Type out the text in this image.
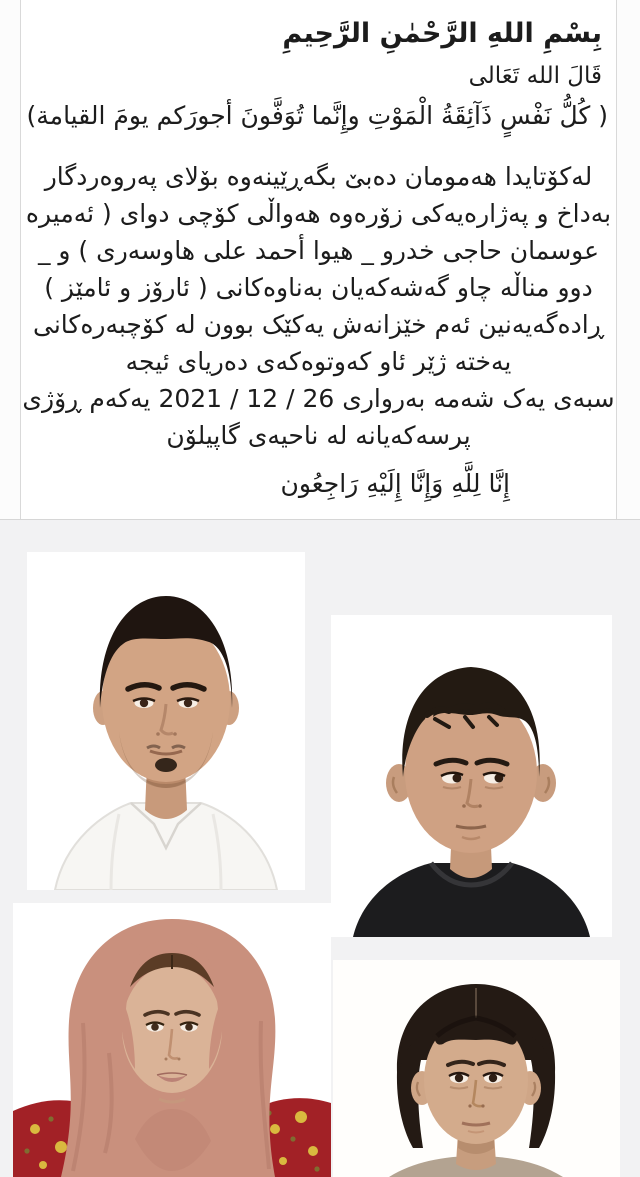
بِسْمِ اللهِ الرَّحْمٰنِ الرَّحِيمِ
قَالَ الله تَعَالى
( كُلُّ نَفْسٍ ذَآئِقَةُ الْمَوْتِ وإِنَّما تُوَفَّونَ أجورَكم يومَ القيامة)
لەکۆتایدا هەمومان دەبێ بگەڕێینەوە بۆلای پەروەردگار
بەداخ و پەژارەیەکی زۆرەوە هەواڵی کۆچی دوای ( ئەمیرە
عوسمان حاجی خدرو _ هیوا أحمد علی هاوسەری ) و _
دوو مناڵە چاو گەشەکەیان بەناوەکانی ( ئارۆز و ئامێز )
ڕادەگەیەنین ئەم خێزانەش یەکێک بوون لە کۆچبەرەکانی
یەختە ژێر ئاو کەوتوەکەی دەریای ئیجە
سبەی یەک شەمە بەرواری 26 / 12 / 2021 یەکەم ڕۆژی
پرسەکەیانە لە ناحیەی گاپیلۆن
إِنَّا لِلَّهِ وَإِنَّا إِلَيْهِ رَاجِعُون
